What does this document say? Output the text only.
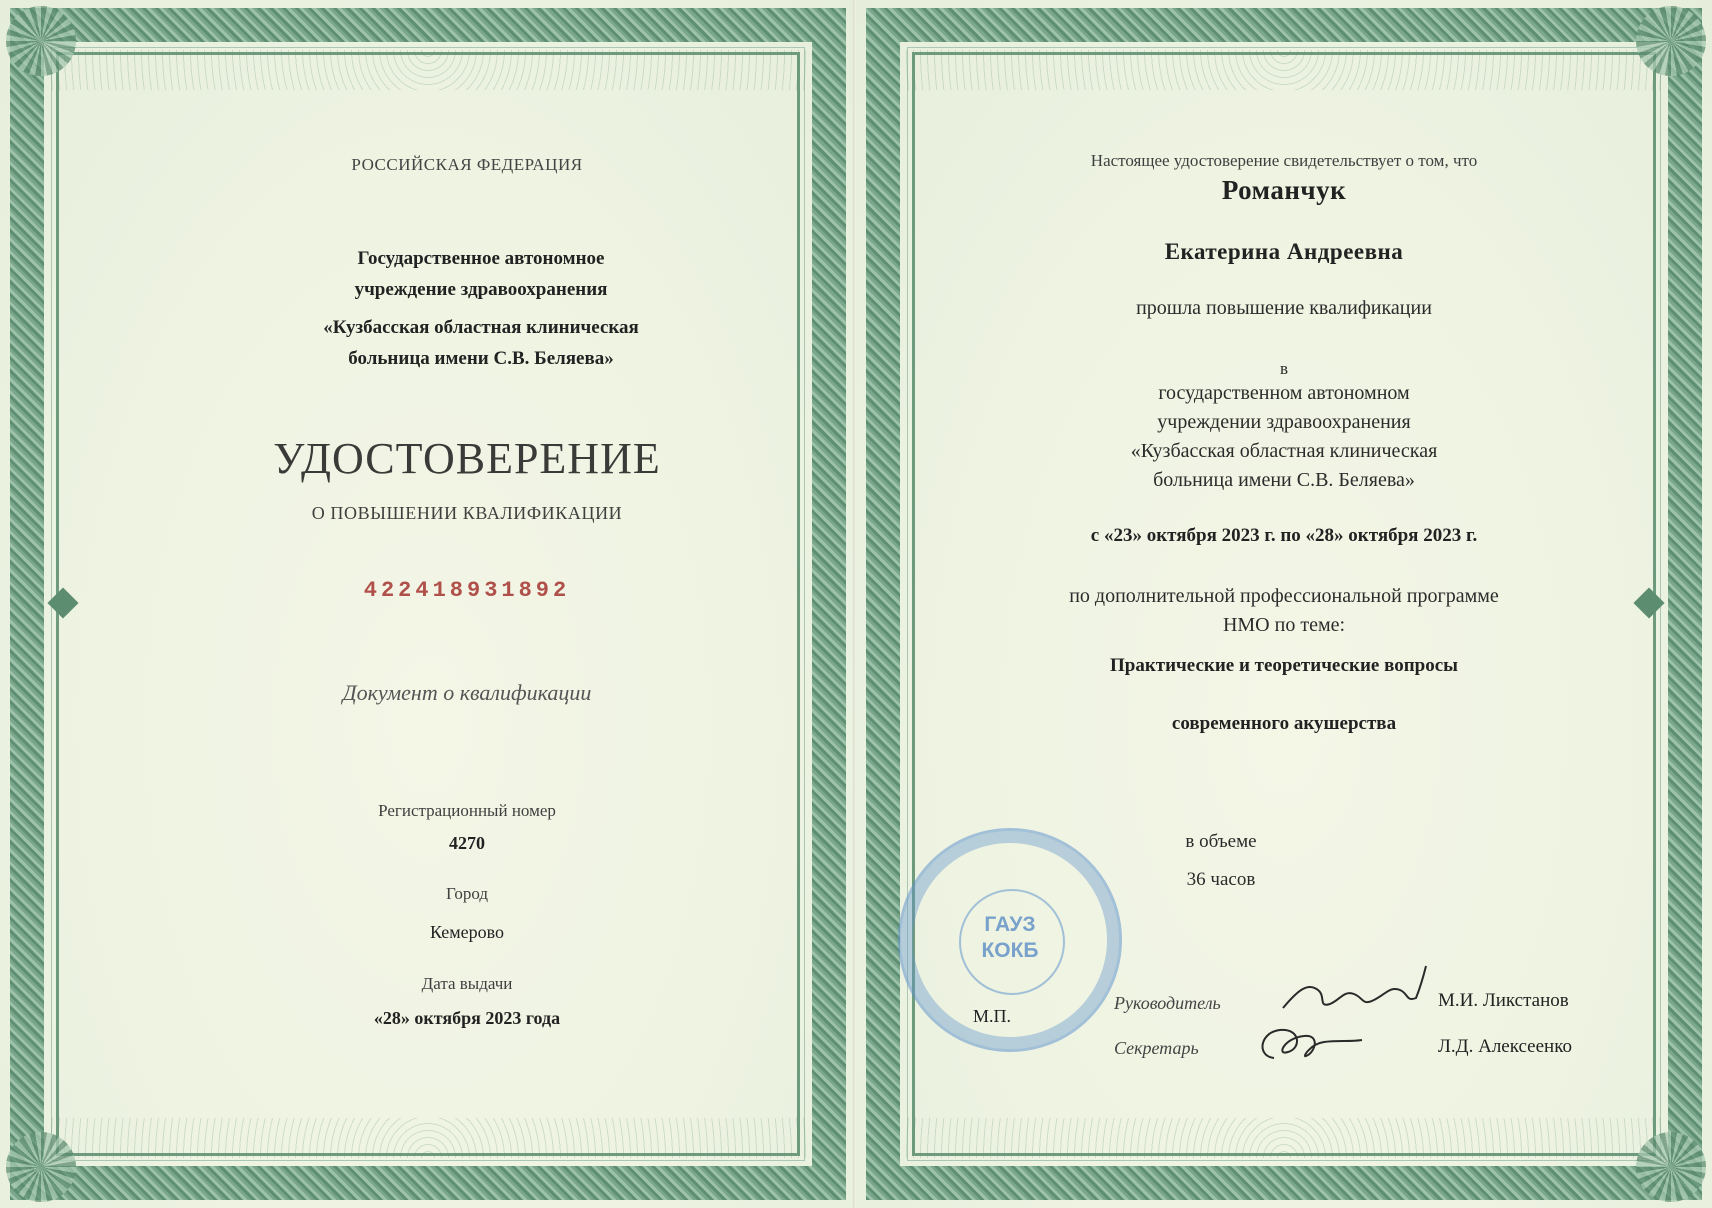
РОССИЙСКАЯ ФЕДЕРАЦИЯ
Государственное автономное
учреждение здравоохранения
«Кузбасская областная клиническая
больница имени С.В. Беляева»
УДОСТОВЕРЕНИЕ
О ПОВЫШЕНИИ КВАЛИФИКАЦИИ
422418931892
Документ о квалификации
Регистрационный номер
4270
Город
Кемерово
Дата выдачи
«28» октября 2023 года
Настоящее удостоверение свидетельствует о том, что
Романчук
Екатерина Андреевна
прошла повышение квалификации
в
государственном автономном
учреждении здравоохранения
«Кузбасская областная клиническая
больница имени С.В. Беляева»
с «23» октября 2023 г. по «28» октября 2023 г.
по дополнительной профессиональной программе
НМО по теме:
Практические и теоретические вопросы
современного акушерства
в объеме
36 часов
ГАУЗ
КОКБ
М.П.
Руководитель	М.И. Ликстанов
Секретарь	Л.Д. Алексеенко
